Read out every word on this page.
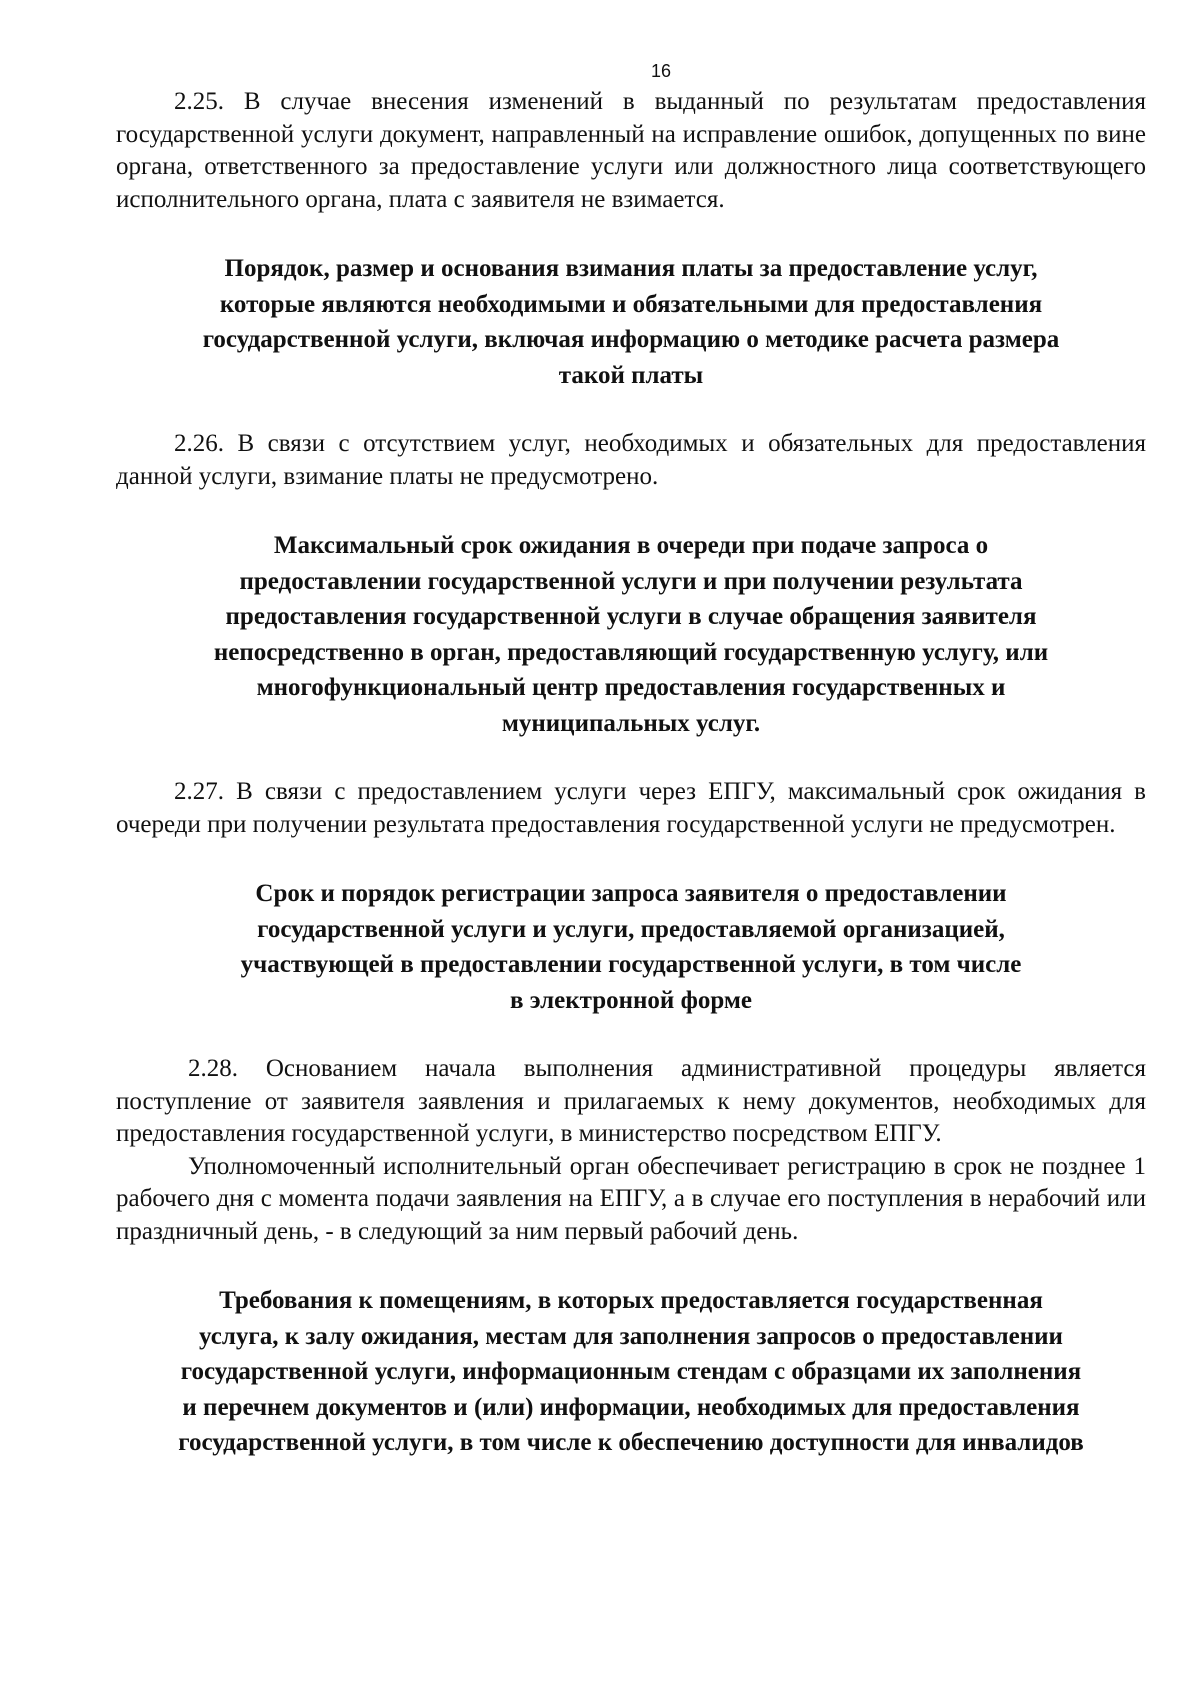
16

2.25. В случае внесения изменений в выданный по результатам предоставления государственной услуги документ, направленный на исправление ошибок, допущенных по вине органа, ответственного за предоставление услуги или должностного лица соответствующего исполнительного органа, плата с заявителя не взимается.

Порядок, размер и основания взимания платы за предоставление услуг,
которые являются необходимыми и обязательными для предоставления
государственной услуги, включая информацию о методике расчета размера
такой платы

2.26. В связи с отсутствием услуг, необходимых и обязательных для предоставления данной услуги, взимание платы не предусмотрено.

Максимальный срок ожидания в очереди при подаче запроса о
предоставлении государственной услуги и при получении результата
предоставления государственной услуги в случае обращения заявителя
непосредственно в орган, предоставляющий государственную услугу, или
многофункциональный центр предоставления государственных и
муниципальных услуг.

2.27. В связи с предоставлением услуги через ЕПГУ, максимальный срок ожидания в очереди при получении результата предоставления государственной услуги не предусмотрен.

Срок и порядок регистрации запроса заявителя о предоставлении
государственной услуги и услуги, предоставляемой организацией,
участвующей в предоставлении государственной услуги, в том числе
в электронной форме

2.28. Основанием начала выполнения административной процедуры является поступление от заявителя заявления и прилагаемых к нему документов, необходимых для предоставления государственной услуги, в министерство посредством ЕПГУ.

Уполномоченный исполнительный орган обеспечивает регистрацию в срок не позднее 1 рабочего дня с момента подачи заявления на ЕПГУ, а в случае его поступления в нерабочий или праздничный день, - в следующий за ним первый рабочий день.

Требования к помещениям, в которых предоставляется государственная
услуга, к залу ожидания, местам для заполнения запросов о предоставлении
государственной услуги, информационным стендам с образцами их заполнения
и перечнем документов и (или) информации, необходимых для предоставления
государственной услуги, в том числе к обеспечению доступности для инвалидов
